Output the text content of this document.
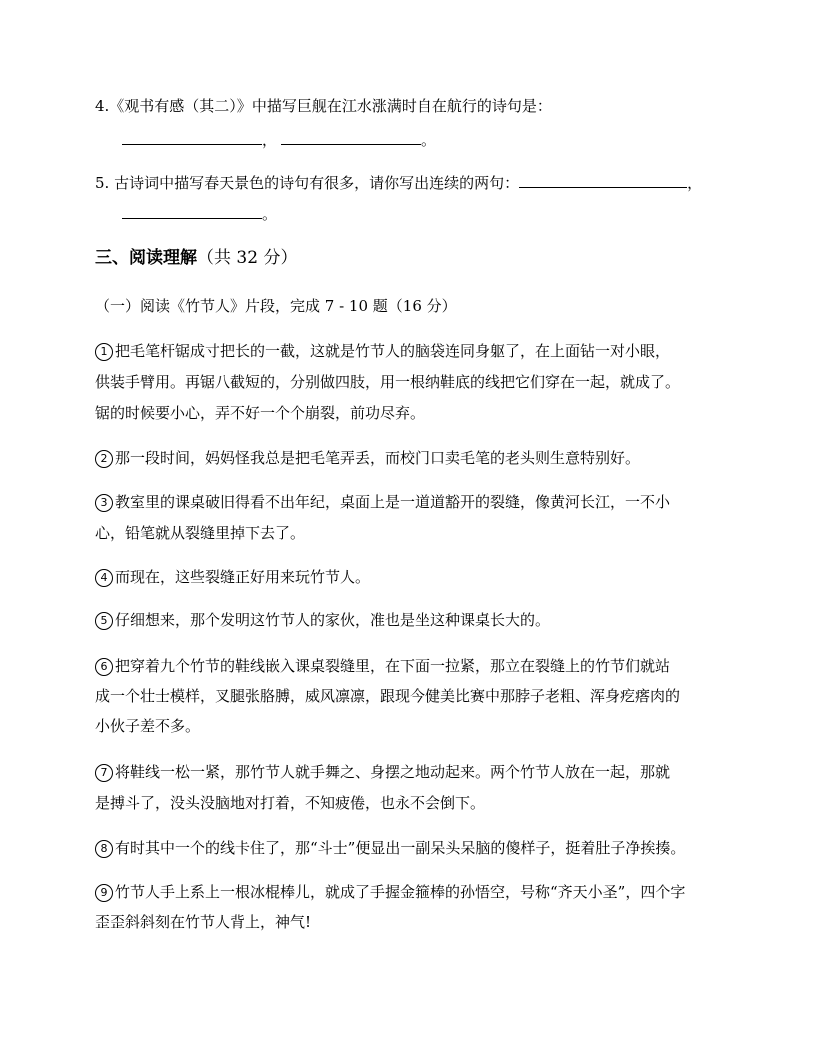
4.《观书有感（其二）》中描写巨舰在江水涨满时自在航行的诗句是：
，	。
5. 古诗词中描写春天景色的诗句有很多，请你写出连续的两句：	，
。
三、阅读理解（共 32 分）
（一）阅读《竹节人》片段，完成 7 - 10 题（16 分）
1 把毛笔杆锯成寸把长的一截，这就是竹节人的脑袋连同身躯了，在上面钻一对小眼，
供装手臂用。再锯八截短的，分别做四肢，用一根纳鞋底的线把它们穿在一起，就成了。
锯的时候要小心，弄不好一个个崩裂，前功尽弃。
2 那一段时间，妈妈怪我总是把毛笔弄丢，而校门口卖毛笔的老头则生意特别好。
3 教室里的课桌破旧得看不出年纪，桌面上是一道道豁开的裂缝，像黄河长江，一不小
心，铅笔就从裂缝里掉下去了。
4 而现在，这些裂缝正好用来玩竹节人。
5 仔细想来，那个发明这竹节人的家伙，准也是坐这种课桌长大的。
6 把穿着九个竹节的鞋线嵌入课桌裂缝里，在下面一拉紧，那立在裂缝上的竹节们就站
成一个壮士模样，叉腿张胳膊，威风凛凛，跟现今健美比赛中那脖子老粗、浑身疙瘩肉的
小伙子差不多。
7 将鞋线一松一紧，那竹节人就手舞之、身摆之地动起来。两个竹节人放在一起，那就
是搏斗了，没头没脑地对打着，不知疲倦，也永不会倒下。
8 有时其中一个的线卡住了，那“斗士”便显出一副呆头呆脑的傻样子，挺着肚子净挨揍。
9 竹节人手上系上一根冰棍棒儿，就成了手握金箍棒的孙悟空，号称“齐天小圣”，四个字
歪歪斜斜刻在竹节人背上，神气!
